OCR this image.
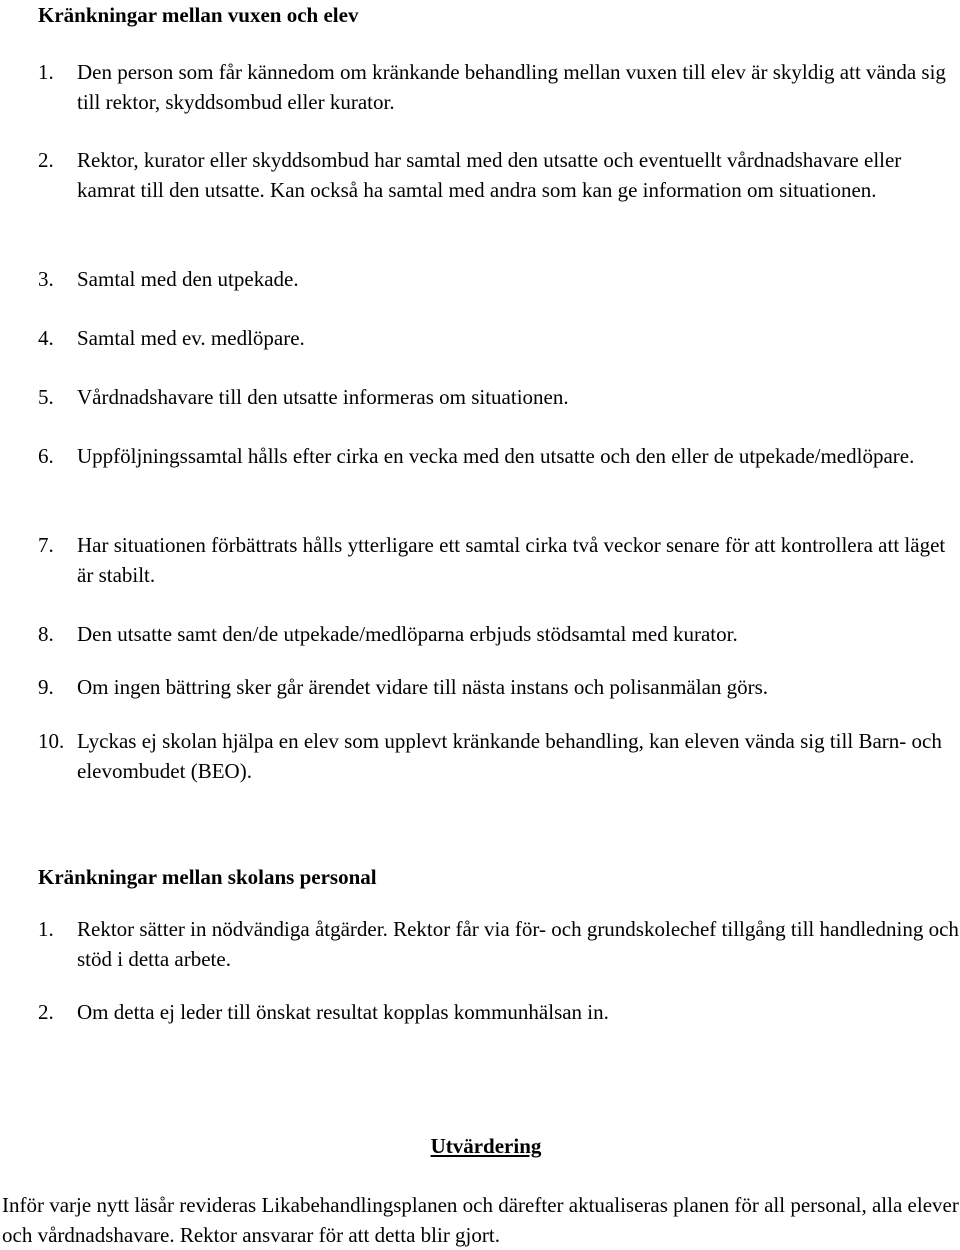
Kränkningar mellan vuxen och elev
1.	Den person som får kännedom om kränkande behandling mellan vuxen till elev är skyldig att vända sig till rektor, skyddsombud eller kurator.
2.	Rektor, kurator eller skyddsombud har samtal med den utsatte och eventuellt vårdnadshavare eller kamrat till den utsatte. Kan också ha samtal med andra som kan ge information om situationen.
3.	Samtal med den utpekade.
4.	Samtal med ev. medlöpare.
5.	Vårdnadshavare till den utsatte informeras om situationen.
6.	Uppföljningssamtal hålls efter cirka en vecka med den utsatte och den eller de utpekade/medlöpare.
7.	Har situationen förbättrats hålls ytterligare ett samtal cirka två veckor senare för att kontrollera att läget är stabilt.
8.	Den utsatte samt den/de utpekade/medlöparna erbjuds stödsamtal med kurator.
9.	Om ingen bättring sker går ärendet vidare till nästa instans och polisanmälan görs.
10. Lyckas ej skolan hjälpa en elev som upplevt kränkande behandling, kan eleven vända sig till Barn- och elevombudet (BEO).
Kränkningar mellan skolans personal
1.	Rektor sätter in nödvändiga åtgärder. Rektor får via för- och grundskolechef tillgång till handledning och stöd i detta arbete.
2.	Om detta ej leder till önskat resultat kopplas kommunhälsan in.
Utvärdering
Inför varje nytt läsår revideras Likabehandlingsplanen och därefter aktualiseras planen för all personal, alla elever och vårdnadshavare. Rektor ansvarar för att detta blir gjort.
